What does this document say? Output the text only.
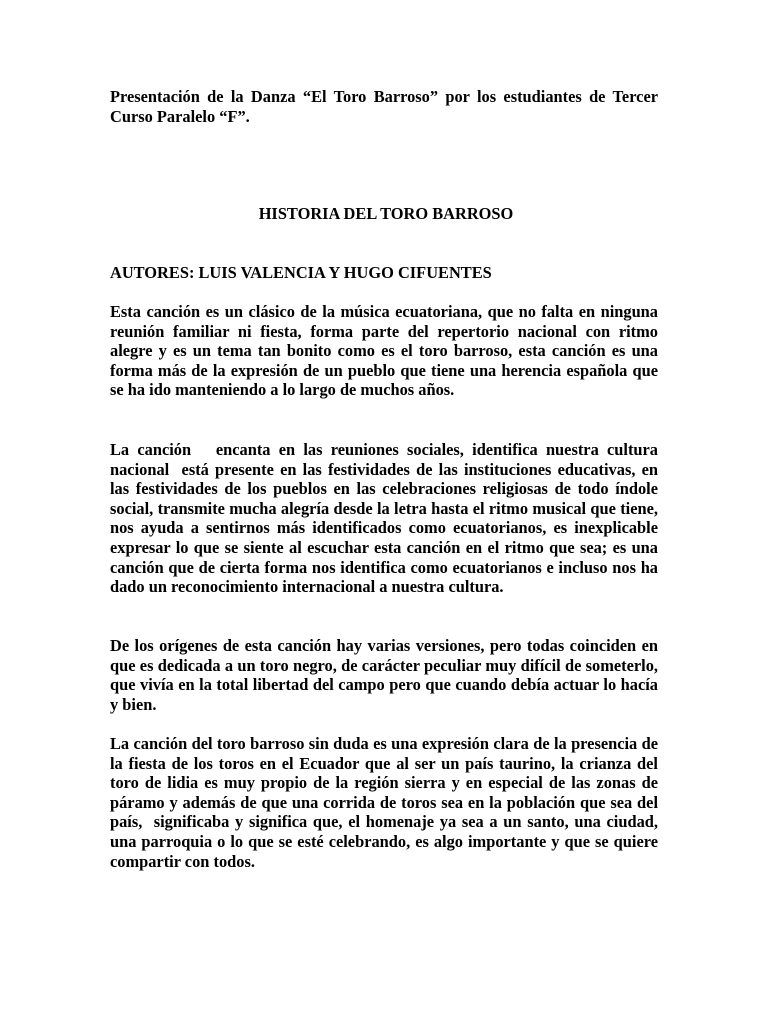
Presentación de la Danza “El Toro Barroso” por los estudiantes de Tercer Curso Paralelo “F”.

HISTORIA DEL TORO BARROSO

AUTORES: LUIS VALENCIA Y HUGO CIFUENTES

Esta canción es un clásico de la música ecuatoriana, que no falta en ninguna reunión familiar ni fiesta, forma parte del repertorio nacional con ritmo alegre y es un tema tan bonito como es el toro barroso, esta canción es una forma más de la expresión de un pueblo que tiene una herencia española que se ha ido manteniendo a lo largo de muchos años.

La canción   encanta en las reuniones sociales, identifica nuestra cultura nacional  está presente en las festividades de las instituciones educativas, en las festividades de los pueblos en las celebraciones religiosas de todo índole social, transmite mucha alegría desde la letra hasta el ritmo musical que tiene, nos ayuda a sentirnos más identificados como ecuatorianos, es inexplicable expresar lo que se siente al escuchar esta canción en el ritmo que sea; es una canción que de cierta forma nos identifica como ecuatorianos e incluso nos ha dado un reconocimiento internacional a nuestra cultura.

De los orígenes de esta canción hay varias versiones, pero todas coinciden en que es dedicada a un toro negro, de carácter peculiar muy difícil de someterlo, que vivía en la total libertad del campo pero que cuando debía actuar lo hacía y bien.

La canción del toro barroso sin duda es una expresión clara de la presencia de la fiesta de los toros en el Ecuador que al ser un país taurino, la crianza del toro de lidia es muy propio de la región sierra y en especial de las zonas de páramo y además de que una corrida de toros sea en la población que sea del país,  significaba y significa que, el homenaje ya sea a un santo, una ciudad, una parroquia o lo que se esté celebrando, es algo importante y que se quiere compartir con todos.
